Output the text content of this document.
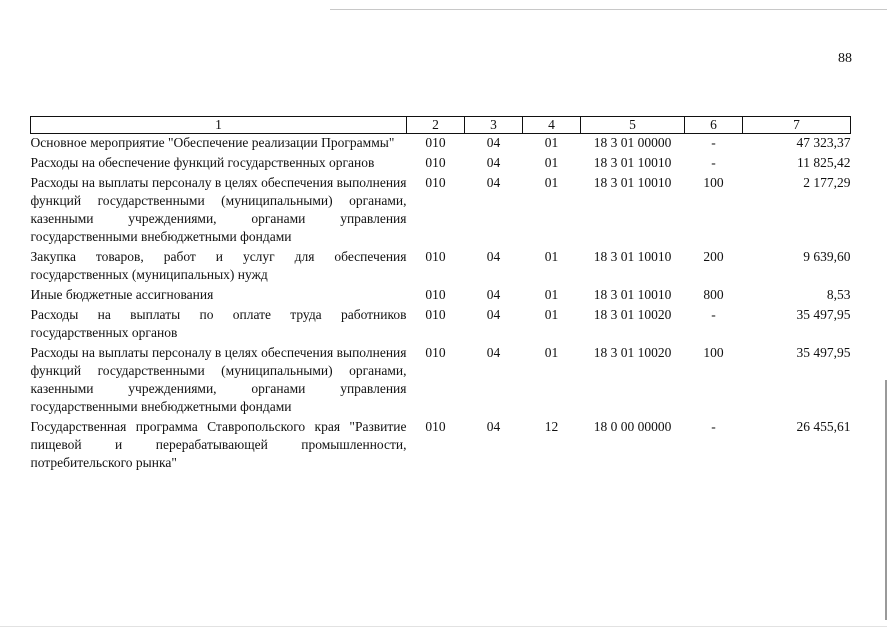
88
1	2	3	4	5	6	7
Основное мероприятие "Обеспечение реализации Программы"	010	04	01	18 3 01 00000	-	47 323,37
Расходы на обеспечение функций государственных органов	010	04	01	18 3 01 10010	-	11 825,42
Расходы на выплаты персоналу в целях обеспечения выполнения функций государственными (муниципальными) органами, казенными учреждениями, органами управления государственными внебюджетными фондами	010	04	01	18 3 01 10010	100	2 177,29
Закупка товаров, работ и услуг для обеспечения государственных (муниципальных) нужд	010	04	01	18 3 01 10010	200	9 639,60
Иные бюджетные ассигнования	010	04	01	18 3 01 10010	800	8,53
Расходы на выплаты по оплате труда работников государственных органов	010	04	01	18 3 01 10020	-	35 497,95
Расходы на выплаты персоналу в целях обеспечения выполнения функций государственными (муниципальными) органами, казенными учреждениями, органами управления государственными внебюджетными фондами	010	04	01	18 3 01 10020	100	35 497,95
Государственная программа Ставропольского края "Развитие пищевой и перерабатывающей промышленности, потребительского рынка"	010	04	12	18 0 00 00000	-	26 455,61
